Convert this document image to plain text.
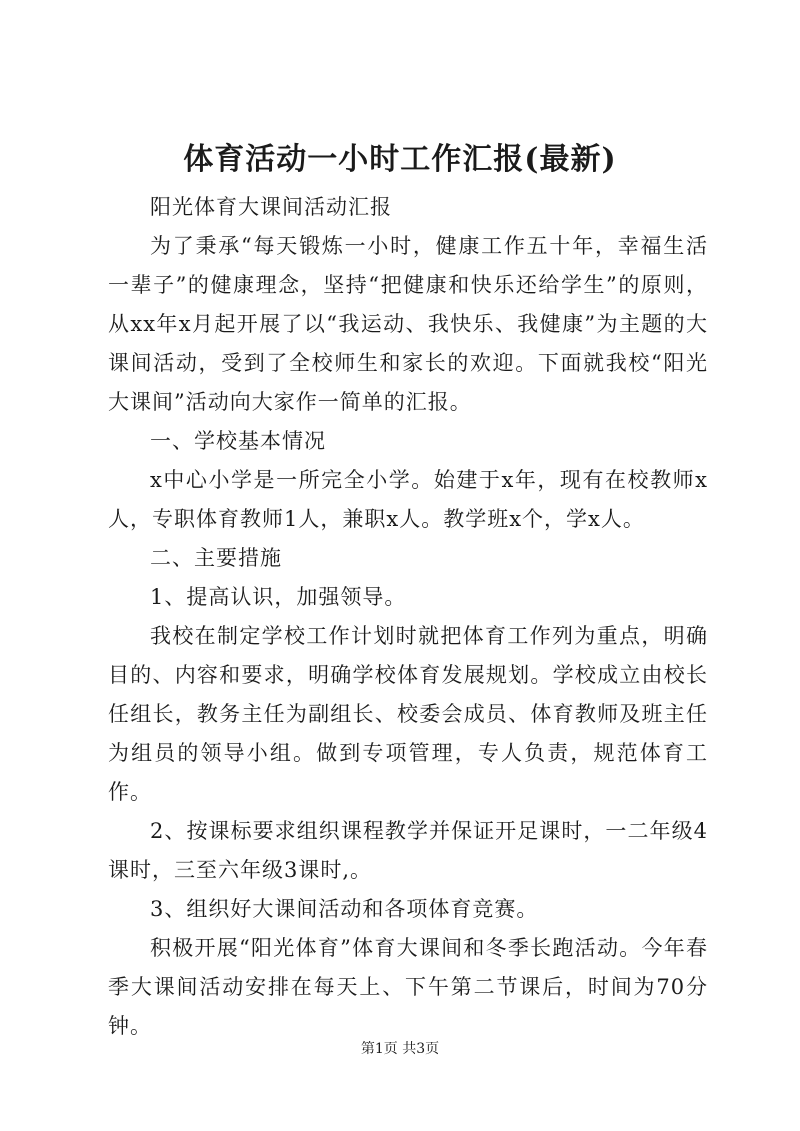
体育活动一小时工作汇报(最新)

阳光体育大课间活动汇报

为了秉承“每天锻炼一小时，健康工作五十年，幸福生活一辈子”的健康理念，坚持“把健康和快乐还给学生”的原则，从xx年x月起开展了以“我运动、我快乐、我健康”为主题的大课间活动，受到了全校师生和家长的欢迎。下面就我校“阳光大课间”活动向大家作一简单的汇报。

一、学校基本情况

x中心小学是一所完全小学。始建于x年，现有在校教师x人，专职体育教师1人，兼职x人。教学班x个，学x人。

二、主要措施

1、提高认识，加强领导。

我校在制定学校工作计划时就把体育工作列为重点，明确目的、内容和要求，明确学校体育发展规划。学校成立由校长任组长，教务主任为副组长、校委会成员、体育教师及班主任为组员的领导小组。做到专项管理，专人负责，规范体育工作。

2、按课标要求组织课程教学并保证开足课时，一二年级4课时，三至六年级3课时,。

3、组织好大课间活动和各项体育竞赛。

积极开展“阳光体育”体育大课间和冬季长跑活动。今年春季大课间活动安排在每天上、下午第二节课后，时间为70分钟。

第1页 共3页
